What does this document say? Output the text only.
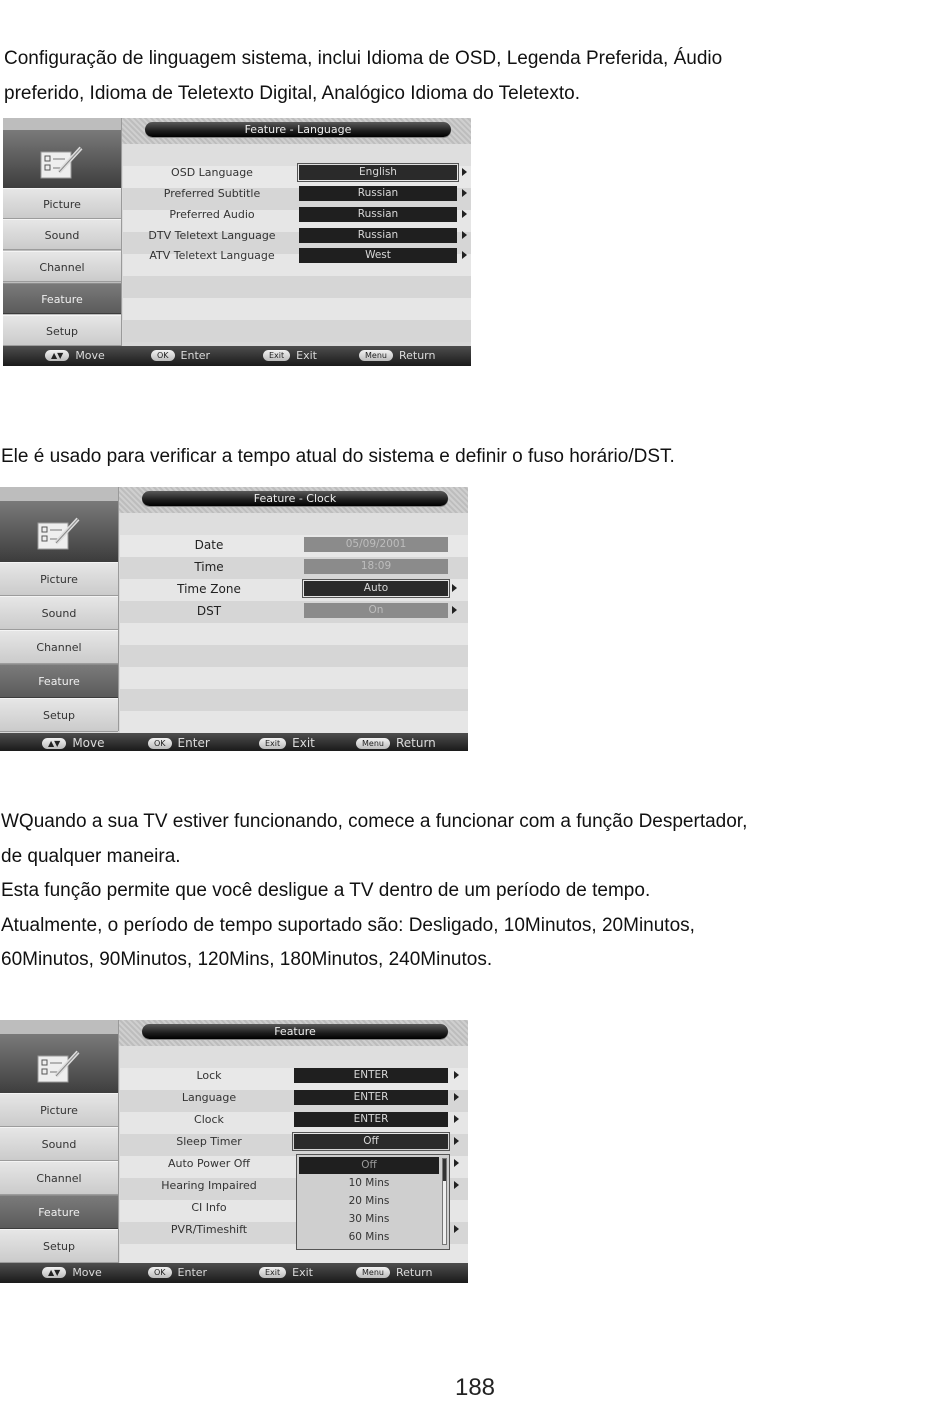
Configuração de linguagem sistema, inclui Idioma de OSD, Legenda Preferida, Áudio
preferido, Idioma de Teletexto Digital, Analógico Idioma do Teletexto.
Feature - Language
Picture
Sound
Channel
Feature
Setup
OSD Language	English
Preferred Subtitle	Russian
Preferred Audio	Russian
DTV Teletext Language	Russian
ATV Teletext Language	West
▲▼ Move	OK Enter	Exit Exit	Menu Return
Ele é usado para verificar a tempo atual do sistema e definir o fuso horário/DST.
Feature - Clock
Picture
Sound
Channel
Feature
Setup
Date	05/09/2001
Time	18:09
Time Zone	Auto
DST	On
▲▼ Move	OK Enter	Exit Exit	Menu Return
WQuando a sua TV estiver funcionando, comece a funcionar com a função Despertador,
de qualquer maneira.
Esta função permite que você desligue a TV dentro de um período de tempo.
Atualmente, o período de tempo suportado são: Desligado, 10Minutos, 20Minutos,
60Minutos, 90Minutos, 120Mins, 180Minutos, 240Minutos.
Feature
Picture
Sound
Channel
Feature
Setup
Lock	ENTER
Language	ENTER
Clock	ENTER
Sleep Timer	Off
Auto Power Off
Hearing Impaired
CI Info
PVR/Timeshift
Off
10 Mins
20 Mins
30 Mins
60 Mins
▲▼ Move	OK Enter	Exit Exit	Menu Return
188
